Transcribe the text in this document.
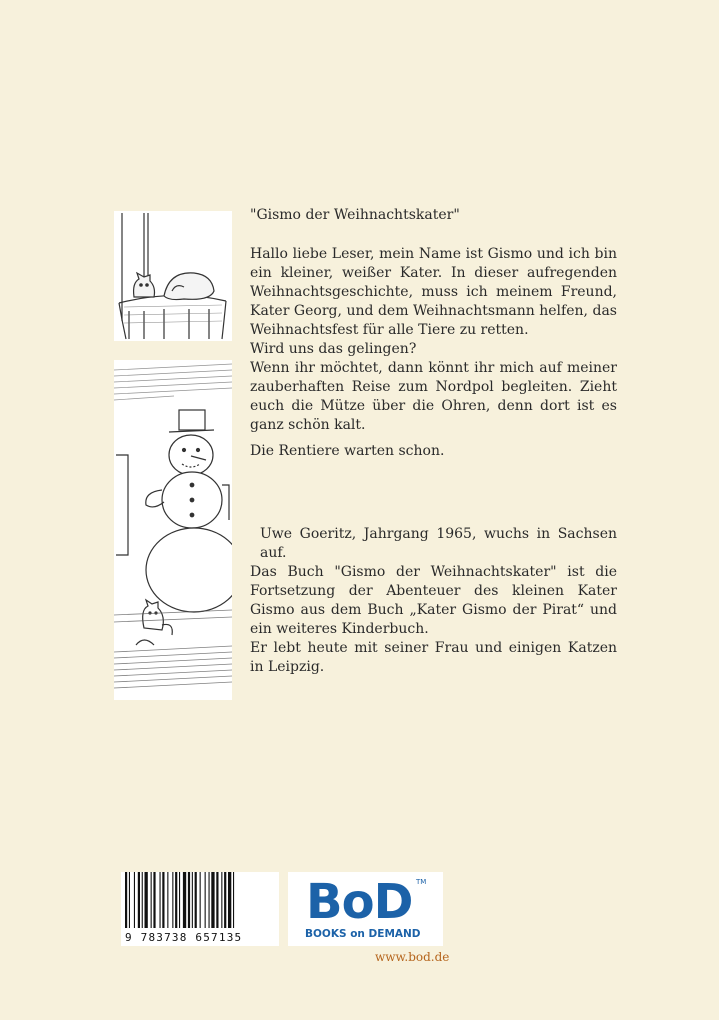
"Gismo der Weihnachtskater"

Hallo liebe Leser, mein Name ist Gismo und ich bin ein kleiner, weißer Kater. In dieser aufregenden Weihnachtsgeschichte, muss ich meinem Freund, Kater Georg, und dem Weihnachtsmann helfen, das Weihnachtsfest für alle Tiere zu retten.

Wird uns das gelingen?

Wenn ihr möchtet, dann könnt ihr mich auf meiner zauberhaften Reise zum Nordpol begleiten. Zieht euch die Mütze über die Ohren, denn dort ist es ganz schön kalt.

Die Rentiere warten schon.

Uwe Goeritz, Jahrgang 1965, wuchs in Sachsen auf.

Das Buch "Gismo der Weihnachtskater" ist die Fortsetzung der Abenteuer des kleinen Kater Gismo aus dem Buch „Kater Gismo der Pirat“ und ein weiteres Kinderbuch.

Er lebt heute mit seiner Frau und einigen Katzen in Leipzig.

9 783738 657135
BoD TM
BOOKS on DEMAND
www.bod.de
